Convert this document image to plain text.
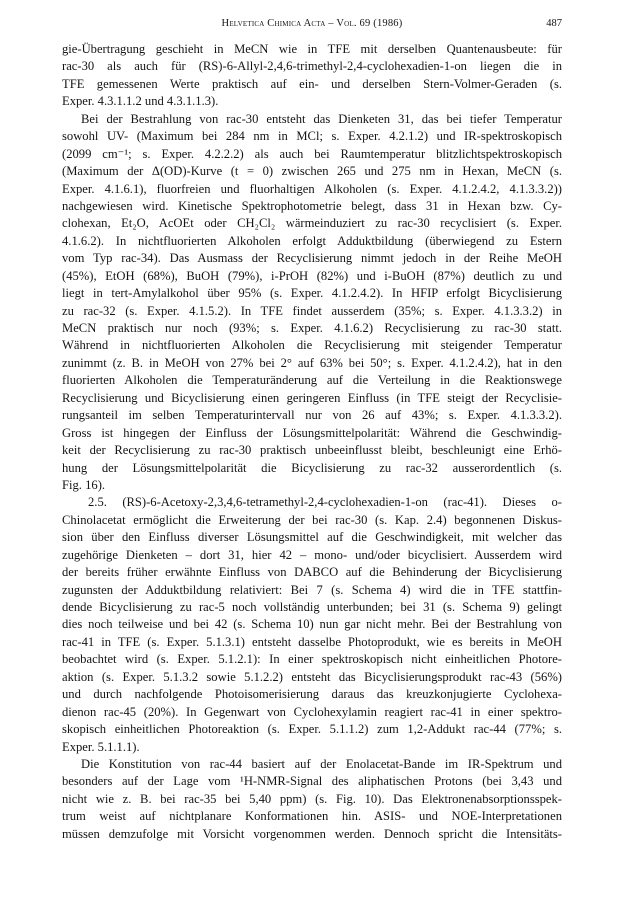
Helvetica Chimica Acta – Vol. 69 (1986)	487
gie-Übertragung geschieht in MeCN wie in TFE mit derselben Quantenausbeute: für
rac-30 als auch für (RS)-6-Allyl-2,4,6-trimethyl-2,4-cyclohexadien-1-on liegen die in
TFE gemessenen Werte praktisch auf ein- und derselben Stern-Volmer-Geraden (s.
Exper. 4.3.1.1.2 und 4.3.1.1.3).
Bei der Bestrahlung von rac-30 entsteht das Dienketen 31, das bei tiefer Temperatur
sowohl UV- (Maximum bei 284 nm in MCl; s. Exper. 4.2.1.2) und IR-spektroskopisch
(2099 cm⁻¹; s. Exper. 4.2.2.2) als auch bei Raumtemperatur blitzlichtspektroskopisch
(Maximum der Δ(OD)-Kurve (t = 0) zwischen 265 und 275 nm in Hexan, MeCN (s.
Exper. 4.1.6.1), fluorfreien und fluorhaltigen Alkoholen (s. Exper. 4.1.2.4.2, 4.1.3.3.2))
nachgewiesen wird. Kinetische Spektrophotometrie belegt, dass 31 in Hexan bzw. Cy-
clohexan, Et₂O, AcOEt oder CH₂Cl₂ wärmeinduziert zu rac-30 recyclisiert (s. Exper.
4.1.6.2). In nichtfluorierten Alkoholen erfolgt Adduktbildung (überwiegend zu Estern
vom Typ rac-34). Das Ausmass der Recyclisierung nimmt jedoch in der Reihe MeOH
(45%), EtOH (68%), BuOH (79%), i-PrOH (82%) und i-BuOH (87%) deutlich zu und
liegt in tert-Amylalkohol über 95% (s. Exper. 4.1.2.4.2). In HFIP erfolgt Bicyclisierung
zu rac-32 (s. Exper. 4.1.5.2). In TFE findet ausserdem (35%; s. Exper. 4.1.3.3.2) in
MeCN praktisch nur noch (93%; s. Exper. 4.1.6.2) Recyclisierung zu rac-30 statt.
Während in nichtfluorierten Alkoholen die Recyclisierung mit steigender Temperatur
zunimmt (z. B. in MeOH von 27% bei 2° auf 63% bei 50°; s. Exper. 4.1.2.4.2), hat in den
fluorierten Alkoholen die Temperaturänderung auf die Verteilung in die Reaktionswege
Recyclisierung und Bicyclisierung einen geringeren Einfluss (in TFE steigt der Recyclisie-
rungsanteil im selben Temperaturintervall nur von 26 auf 43%; s. Exper. 4.1.3.3.2).
Gross ist hingegen der Einfluss der Lösungsmittelpolarität: Während die Geschwindig-
keit der Recyclisierung zu rac-30 praktisch unbeeinflusst bleibt, beschleunigt eine Erhö-
hung der Lösungsmittelpolarität die Bicyclisierung zu rac-32 ausserordentlich (s.
Fig. 16).
2.5. (RS)-6-Acetoxy-2,3,4,6-tetramethyl-2,4-cyclohexadien-1-on (rac-41). Dieses o-
Chinolacetat ermöglicht die Erweiterung der bei rac-30 (s. Kap. 2.4) begonnenen Diskus-
sion über den Einfluss diverser Lösungsmittel auf die Geschwindigkeit, mit welcher das
zugehörige Dienketen – dort 31, hier 42 – mono- und/oder bicyclisiert. Ausserdem wird
der bereits früher erwähnte Einfluss von DABCO auf die Behinderung der Bicyclisierung
zugunsten der Adduktbildung relativiert: Bei 7 (s. Schema 4) wird die in TFE stattfin-
dende Bicyclisierung zu rac-5 noch vollständig unterbunden; bei 31 (s. Schema 9) gelingt
dies noch teilweise und bei 42 (s. Schema 10) nun gar nicht mehr. Bei der Bestrahlung von
rac-41 in TFE (s. Exper. 5.1.3.1) entsteht dasselbe Photoprodukt, wie es bereits in MeOH
beobachtet wird (s. Exper. 5.1.2.1): In einer spektroskopisch nicht einheitlichen Photore-
aktion (s. Exper. 5.1.3.2 sowie 5.1.2.2) entsteht das Bicyclisierungsprodukt rac-43 (56%)
und durch nachfolgende Photoisomerisierung daraus das kreuzkonjugierte Cyclohexa-
dienon rac-45 (20%). In Gegenwart von Cyclohexylamin reagiert rac-41 in einer spektro-
skopisch einheitlichen Photoreaktion (s. Exper. 5.1.1.2) zum 1,2-Addukt rac-44 (77%; s.
Exper. 5.1.1.1).
Die Konstitution von rac-44 basiert auf der Enolacetat-Bande im IR-Spektrum und
besonders auf der Lage vom ¹H-NMR-Signal des aliphatischen Protons (bei 3,43 und
nicht wie z. B. bei rac-35 bei 5,40 ppm) (s. Fig. 10). Das Elektronenabsorptionsspek-
trum weist auf nichtplanare Konformationen hin. ASIS- und NOE-Interpretationen
müssen demzufolge mit Vorsicht vorgenommen werden. Dennoch spricht die Intensitäts-
